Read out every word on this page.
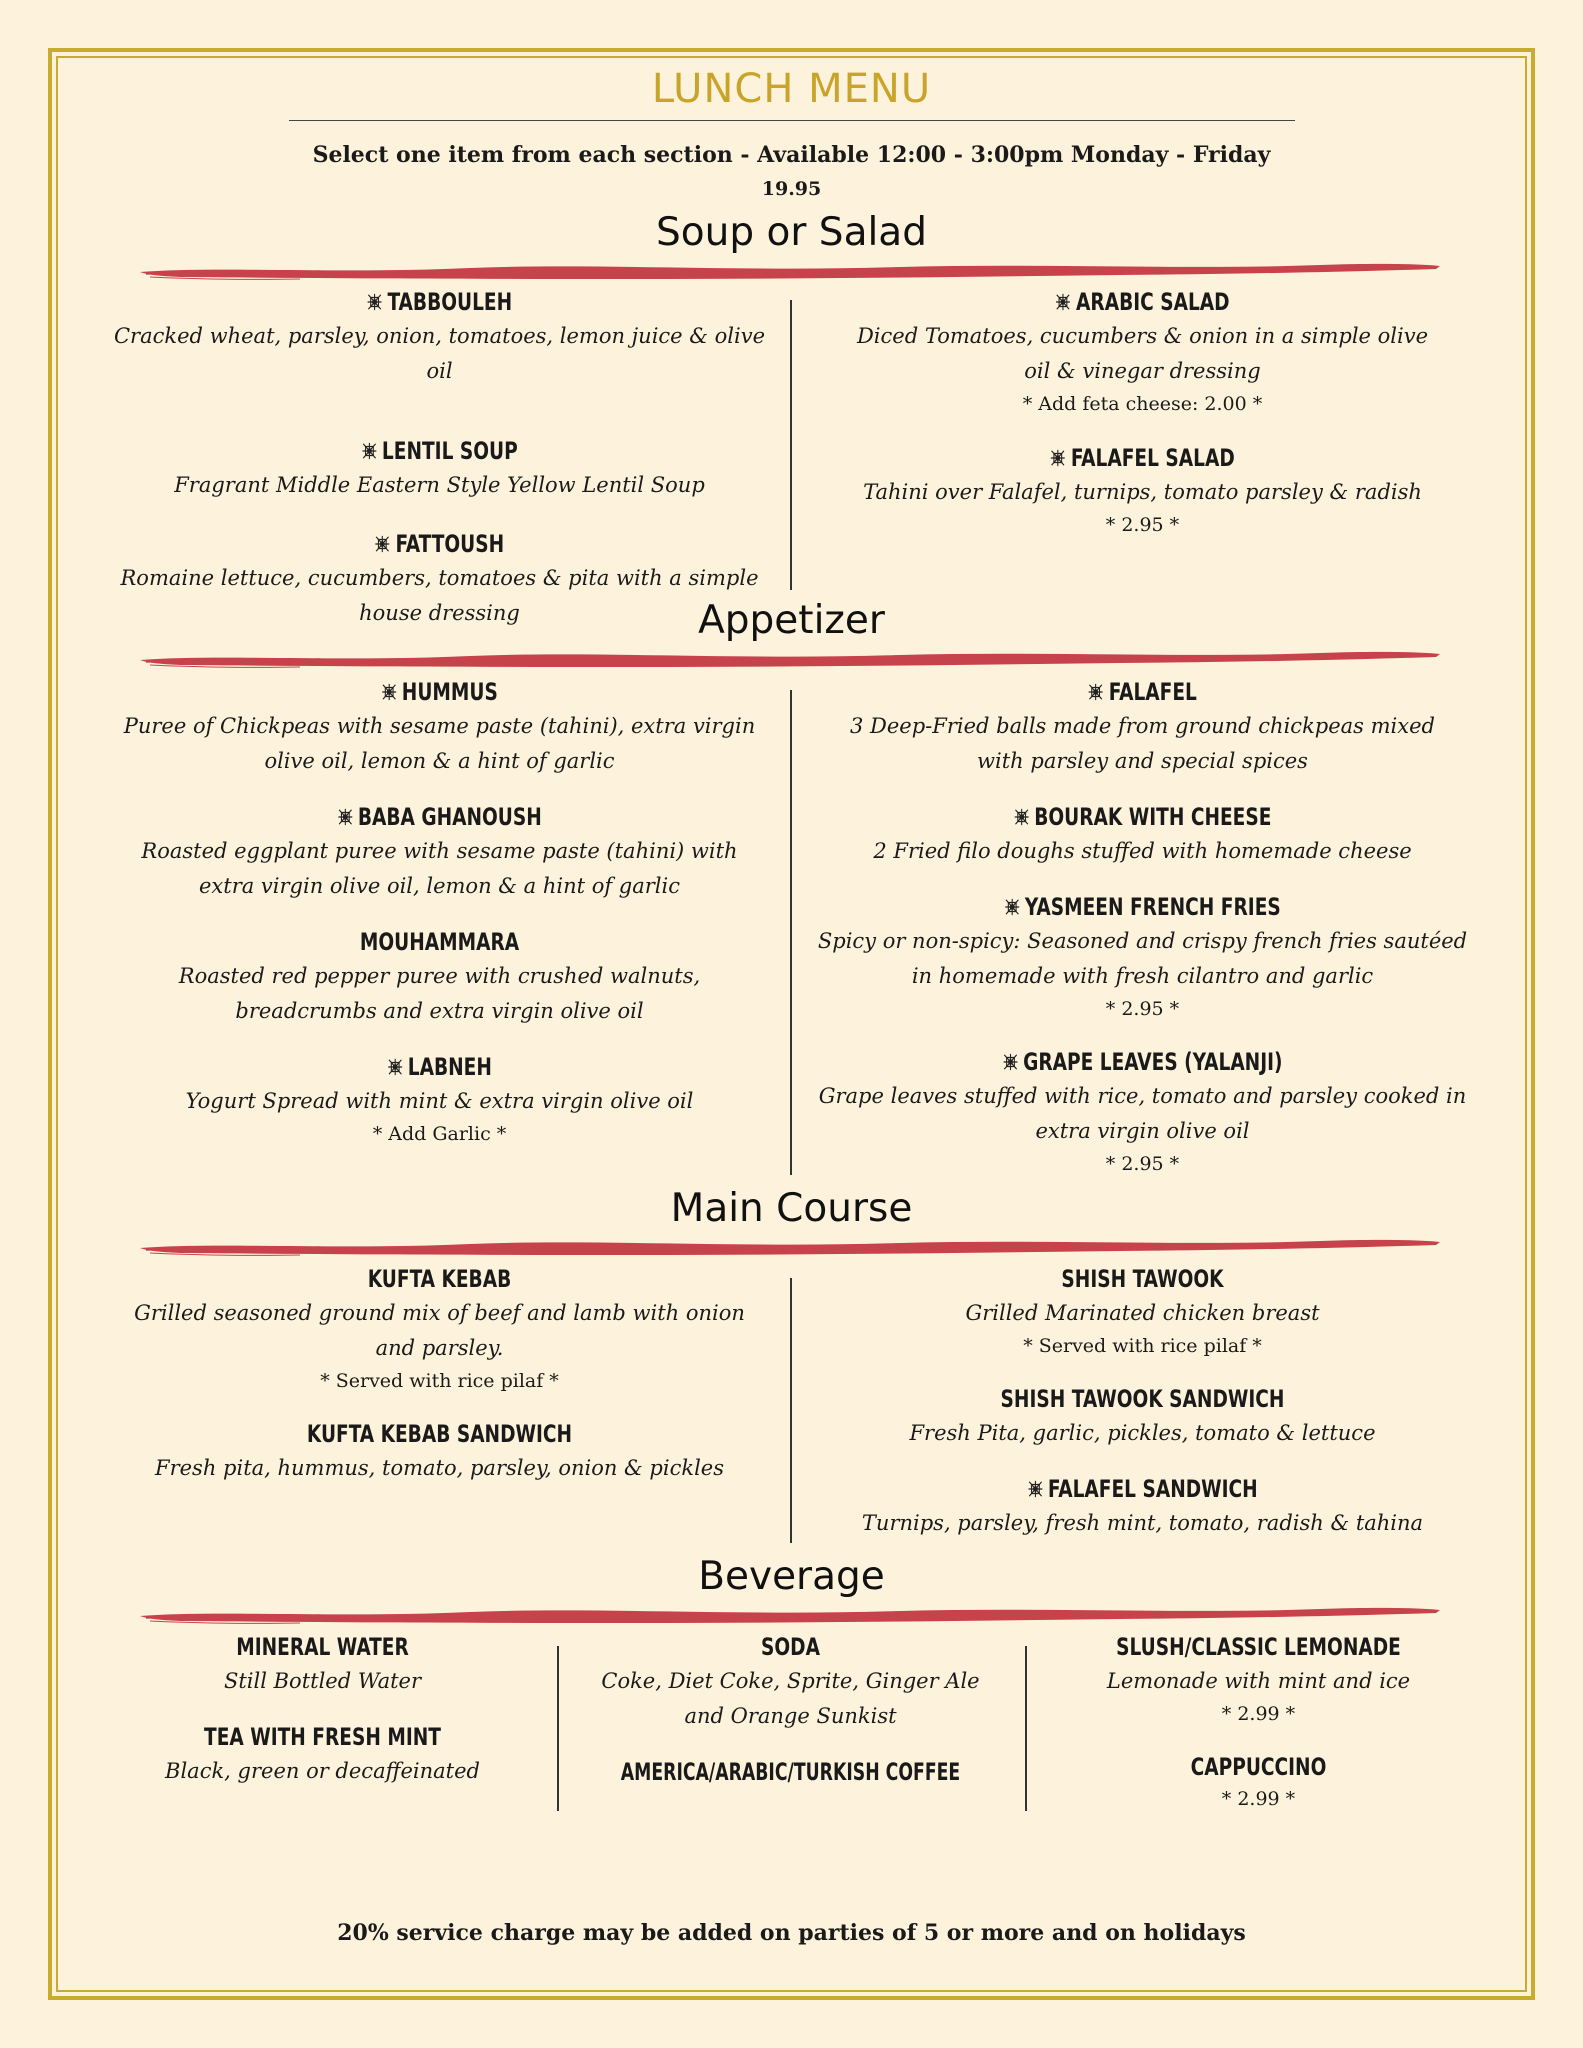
LUNCH MENU
Select one item from each section - Available 12:00 - 3:00pm Monday - Friday
19.95
Soup or Salad
TABBOULEH
Cracked wheat, parsley, onion, tomatoes, lemon juice & olive oil
LENTIL SOUP
Fragrant Middle Eastern Style Yellow Lentil Soup
FATTOUSH
Romaine lettuce, cucumbers, tomatoes & pita with a simple house dressing
ARABIC SALAD
Diced Tomatoes, cucumbers & onion in a simple olive oil & vinegar dressing
* Add feta cheese: 2.00 *
FALAFEL SALAD
Tahini over Falafel, turnips, tomato parsley & radish
* 2.95 *
Appetizer
HUMMUS
Puree of Chickpeas with sesame paste (tahini), extra virgin olive oil, lemon & a hint of garlic
BABA GHANOUSH
Roasted eggplant puree with sesame paste (tahini) with extra virgin olive oil, lemon & a hint of garlic
MOUHAMMARA
Roasted red pepper puree with crushed walnuts, breadcrumbs and extra virgin olive oil
LABNEH
Yogurt Spread with mint & extra virgin olive oil
* Add Garlic *
FALAFEL
3 Deep-Fried balls made from ground chickpeas mixed with parsley and special spices
BOURAK WITH CHEESE
2 Fried filo doughs stuffed with homemade cheese
YASMEEN FRENCH FRIES
Spicy or non-spicy: Seasoned and crispy french fries sautéed in homemade with fresh cilantro and garlic
* 2.95 *
GRAPE LEAVES (YALANJI)
Grape leaves stuffed with rice, tomato and parsley cooked in extra virgin olive oil
* 2.95 *
Main Course
KUFTA KEBAB
Grilled seasoned ground mix of beef and lamb with onion and parsley.
* Served with rice pilaf *
KUFTA KEBAB SANDWICH
Fresh pita, hummus, tomato, parsley, onion & pickles
SHISH TAWOOK
Grilled Marinated chicken breast
* Served with rice pilaf *
SHISH TAWOOK SANDWICH
Fresh Pita, garlic, pickles, tomato & lettuce
FALAFEL SANDWICH
Turnips, parsley, fresh mint, tomato, radish & tahina
Beverage
MINERAL WATER
Still Bottled Water
TEA WITH FRESH MINT
Black, green or decaffeinated
SODA
Coke, Diet Coke, Sprite, Ginger Ale and Orange Sunkist
AMERICA/ARABIC/TURKISH COFFEE
SLUSH/CLASSIC LEMONADE
Lemonade with mint and ice
* 2.99 *
CAPPUCCINO
* 2.99 *
20% service charge may be added on parties of 5 or more and on holidays
